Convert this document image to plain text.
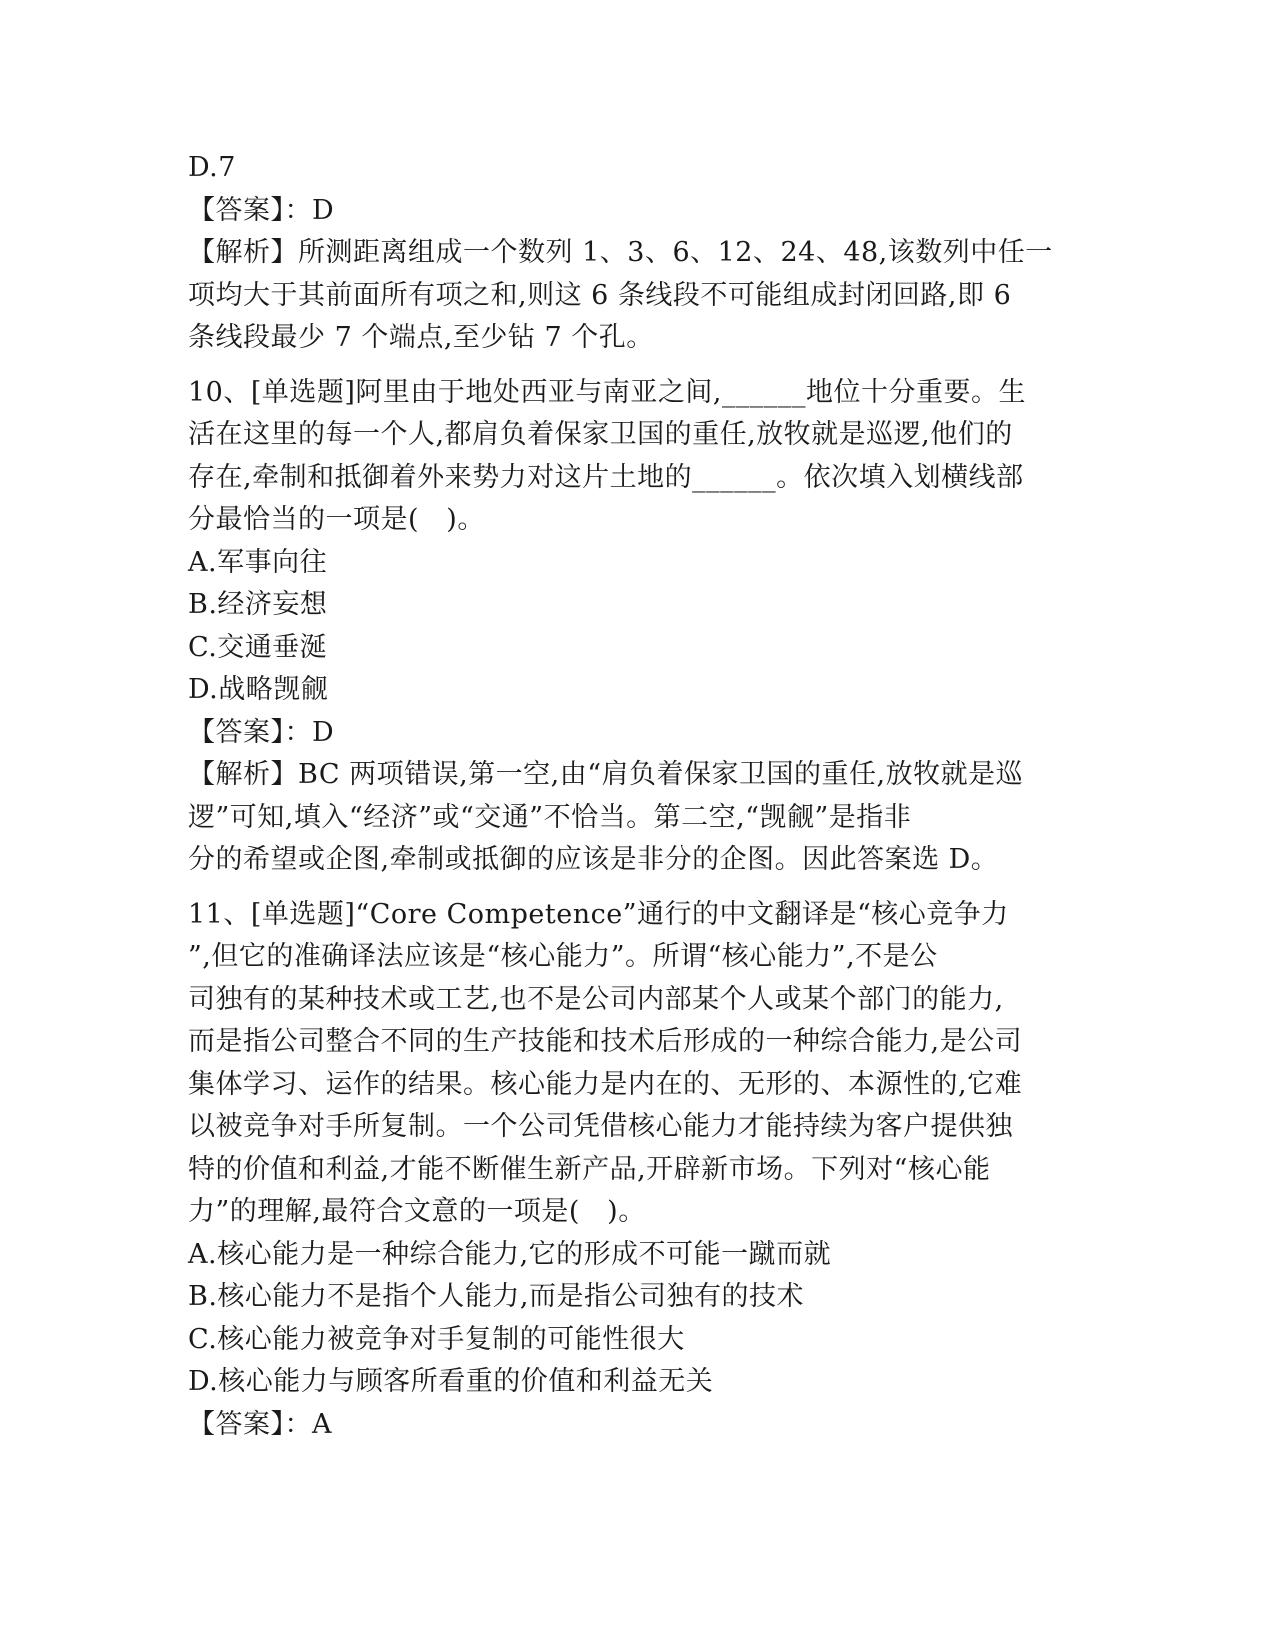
D.7

【答案】：D

【解析】所测距离组成一个数列 1、3、6、12、24、48,该数列中任一

项均大于其前面所有项之和,则这 6 条线段不可能组成封闭回路,即 6

条线段最少 7 个端点,至少钻 7 个孔。

10、[单选题]阿里由于地处西亚与南亚之间,______地位十分重要。生

活在这里的每一个人,都肩负着保家卫国的重任,放牧就是巡逻,他们的

存在,牵制和抵御着外来势力对这片土地的______。依次填入划横线部

分最恰当的一项是(   )。

A.军事向往

B.经济妄想

C.交通垂涎

D.战略觊觎

【答案】：D

【解析】BC 两项错误,第一空,由“肩负着保家卫国的重任,放牧就是巡

逻”可知,填入“经济”或“交通”不恰当。第二空,“觊觎”是指非

分的希望或企图,牵制或抵御的应该是非分的企图。因此答案选 D。

11、[单选题]“Core Competence”通行的中文翻译是“核心竞争力

”,但它的准确译法应该是“核心能力”。所谓“核心能力”,不是公

司独有的某种技术或工艺,也不是公司内部某个人或某个部门的能力,

而是指公司整合不同的生产技能和技术后形成的一种综合能力,是公司

集体学习、运作的结果。核心能力是内在的、无形的、本源性的,它难

以被竞争对手所复制。一个公司凭借核心能力才能持续为客户提供独

特的价值和利益,才能不断催生新产品,开辟新市场。下列对“核心能

力”的理解,最符合文意的一项是(   )。

A.核心能力是一种综合能力,它的形成不可能一蹴而就

B.核心能力不是指个人能力,而是指公司独有的技术

C.核心能力被竞争对手复制的可能性很大

D.核心能力与顾客所看重的价值和利益无关

【答案】：A
